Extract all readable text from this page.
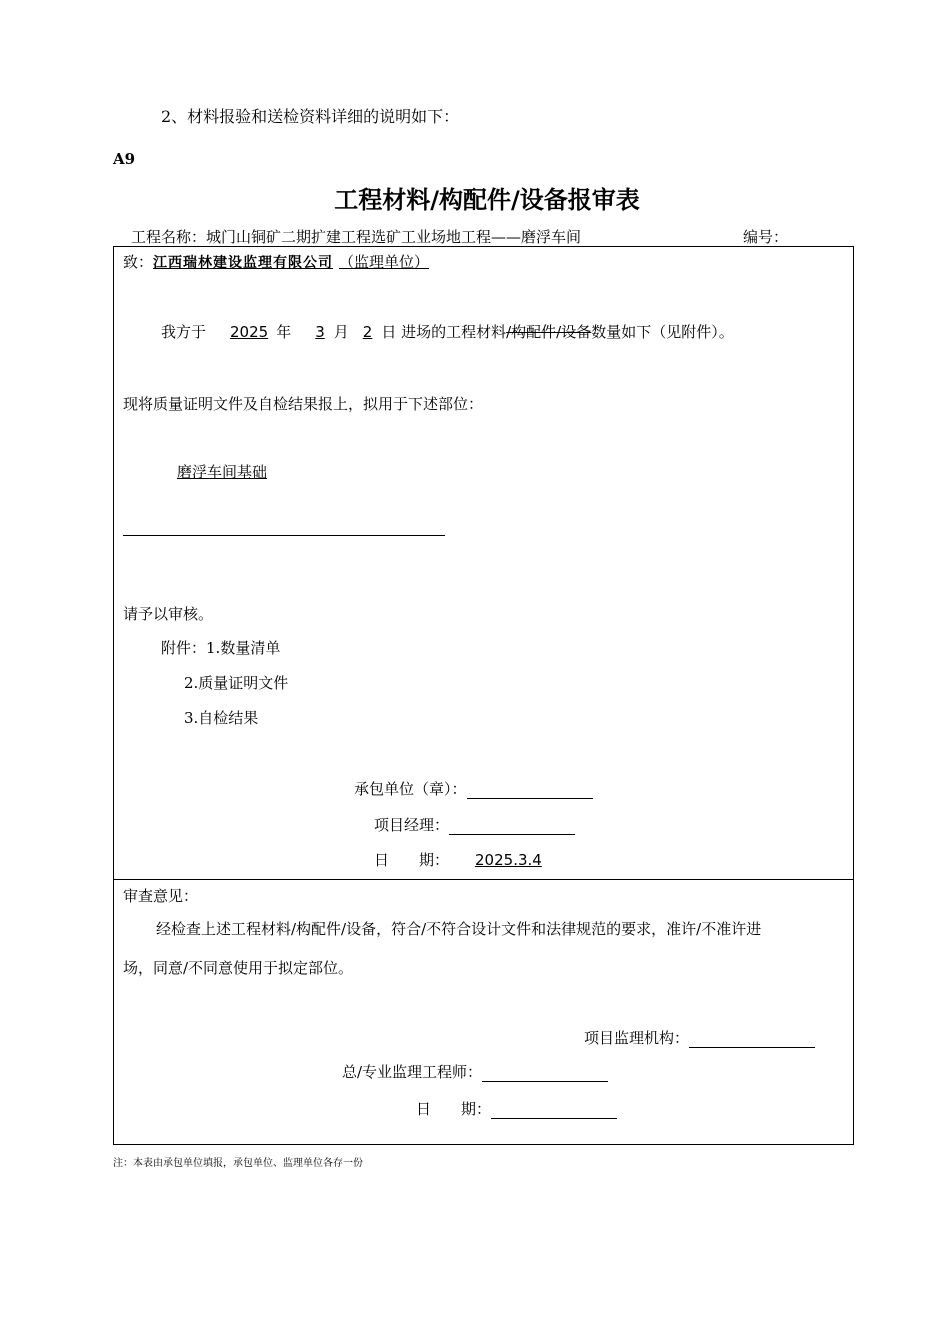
2、材料报验和送检资料详细的说明如下：
A9
工程材料/构配件/设备报审表
工程名称：城门山铜矿二期扩建工程选矿工业场地工程——磨浮车间	编号：
致：江西瑞林建设监理有限公司 （监理单位）
我方于 2025 年 3 月 2 日 进场的工程材料/构配件/设备数量如下（见附件）。
现将质量证明文件及自检结果报上，拟用于下述部位：
磨浮车间基础
请予以审核。
附件：1.数量清单
2.质量证明文件
3.自检结果
承包单位（章）：
项目经理：
日　　期： 2025.3.4
审查意见：
经检查上述工程材料/构配件/设备，符合/不符合设计文件和法律规范的要求，准许/不准许进
场，同意/不同意使用于拟定部位。
项目监理机构：
总/专业监理工程师：
日　　期：
注：本表由承包单位填报，承包单位、监理单位各存一份
